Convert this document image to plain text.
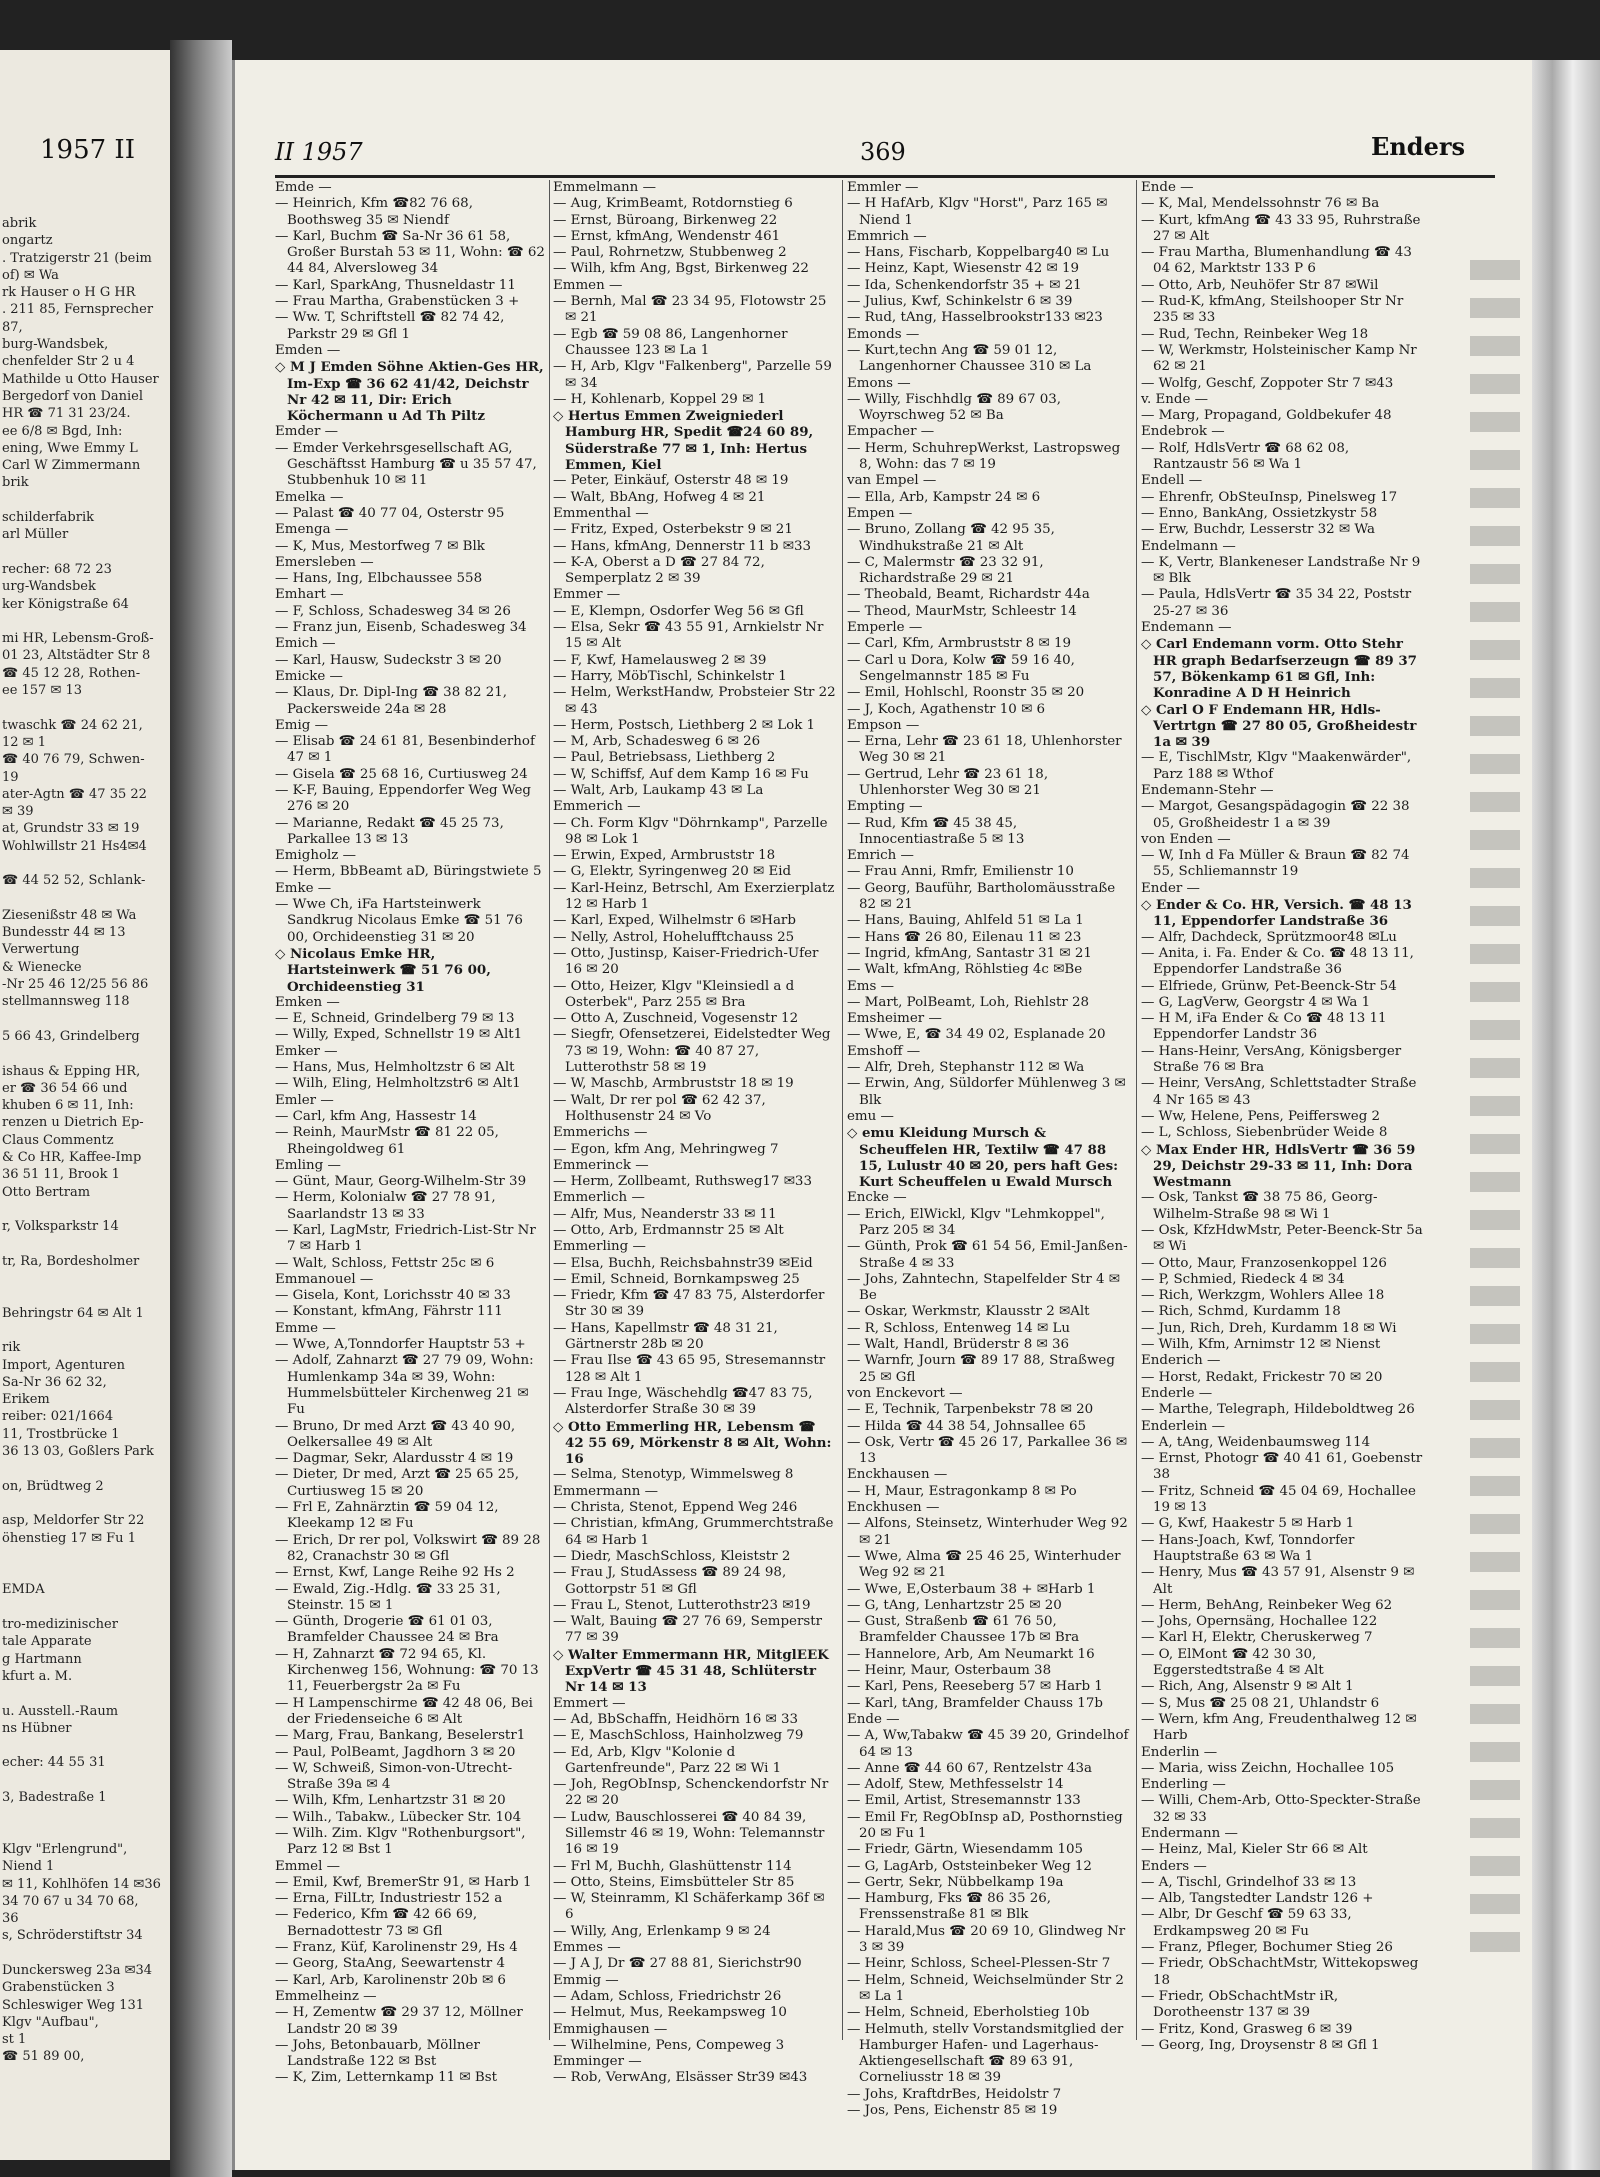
1957 II
abrik
ongartz
. Tratzigerstr 21 (beim
of) ✉ Wa
rk Hauser o H G HR
. 211 85, Fernsprecher
87,
burg-Wandsbek,
chenfelder Str 2 u 4
Mathilde u Otto Hauser
Bergedorf von Daniel
HR ☎ 71 31 23/24.
ee 6/8 ✉ Bgd, Inh:
ening, Wwe Emmy L
Carl W Zimmermann
brik

schilderfabrik
arl Müller

recher: 68 72 23
urg-Wandsbek
ker Königstraße 64

mi HR, Lebensm-Groß-
01 23, Altstädter Str 8
☎ 45 12 28, Rothen-
ee 157 ✉ 13

twaschk ☎ 24 62 21,
12 ✉ 1
☎ 40 76 79, Schwen-
19
ater-Agtn ☎ 47 35 22
✉ 39
at, Grundstr 33 ✉ 19
Wohlwillstr 21 Hs4✉4

☎ 44 52 52, Schlank-

Ziesenißstr 48 ✉ Wa
Bundesstr 44 ✉ 13
Verwertung
& Wienecke
-Nr 25 46 12/25 56 86
stellmannsweg 118

5 66 43, Grindelberg

ishaus & Epping HR,
er ☎ 36 54 66 und
khuben 6 ✉ 11, Inh:
renzen u Dietrich Ep-
Claus Commentz
& Co HR, Kaffee-Imp
36 51 11, Brook 1
Otto Bertram

r, Volksparkstr 14

tr, Ra, Bordesholmer

Behringstr 64 ✉ Alt 1

rik
Import, Agenturen
Sa-Nr 36 62 32,
Erikem
reiber: 021/1664
11, Trostbrücke 1
36 13 03, Goßlers Park

on, Brüdtweg 2

asp, Meldorfer Str 22
öhenstieg 17 ✉ Fu 1

EMDA

tro-medizinischer
tale Apparate
g Hartmann
kfurt a. M.

u. Ausstell.-Raum
ns Hübner

echer: 44 55 31

3, Badestraße 1

Klgv "Erlengrund",
Niend 1
✉ 11, Kohlhöfen 14 ✉36
34 70 67 u 34 70 68,
36
s, Schröderstiftstr 34

Dunckersweg 23a ✉34
Grabenstücken 3
Schleswiger Weg 131
Klgv "Aufbau",
st 1
☎ 51 89 00,
II 1957	369	Enders

Emde —

— Heinrich, Kfm ☎82 76 68, Boothsweg 35 ✉ Niendf

— Karl, Buchm ☎ Sa-Nr 36 61 58, Großer Burstah 53 ✉ 11, Wohn: ☎ 62 44 84, Alversloweg 34

— Karl, SparkAng, Thusneldastr 11

— Frau Martha, Grabenstücken 3 +

— Ww. T, Schriftstell ☎ 82 74 42, Parkstr 29 ✉ Gfl 1

Emden —

◇ M J Emden Söhne Aktien-Ges HR, Im-Exp ☎ 36 62 41/42, Deichstr Nr 42 ✉ 11, Dir: Erich Köchermann u Ad Th Piltz

Emder —

— Emder Verkehrsgesellschaft AG, Geschäftsst Hamburg ☎ u 35 57 47, Stubbenhuk 10 ✉ 11

Emelka —

— Palast ☎ 40 77 04, Osterstr 95

Emenga —

— K, Mus, Mestorfweg 7 ✉ Blk

Emersleben —

— Hans, Ing, Elbchaussee 558

Emhart —

— F, Schloss, Schadesweg 34 ✉ 26

— Franz jun, Eisenb, Schadesweg 34

Emich —

— Karl, Hausw, Sudeckstr 3 ✉ 20

Emicke —

— Klaus, Dr. Dipl-Ing ☎ 38 82 21, Packersweide 24a ✉ 28

Emig —

— Elisab ☎ 24 61 81, Besenbinderhof 47 ✉ 1

— Gisela ☎ 25 68 16, Curtiusweg 24

— K-F, Bauing, Eppendorfer Weg Weg 276 ✉ 20

— Marianne, Redakt ☎ 45 25 73, Parkallee 13 ✉ 13

Emigholz —

— Herm, BbBeamt aD, Büringstwiete 5

Emke —

— Wwe Ch, iFa Hartsteinwerk Sandkrug Nicolaus Emke ☎ 51 76 00, Orchideenstieg 31 ✉ 20

◇ Nicolaus Emke HR, Hartsteinwerk ☎ 51 76 00, Orchideenstieg 31

Emken —

— E, Schneid, Grindelberg 79 ✉ 13

— Willy, Exped, Schnellstr 19 ✉ Alt1

Emker —

— Hans, Mus, Helmholtzstr 6 ✉ Alt

— Wilh, Eling, Helmholtzstr6 ✉ Alt1

Emler —

— Carl, kfm Ang, Hassestr 14

— Reinh, MaurMstr ☎ 81 22 05, Rheingoldweg 61

Emling —

— Günt, Maur, Georg-Wilhelm-Str 39

— Herm, Kolonialw ☎ 27 78 91, Saarlandstr 13 ✉ 33

— Karl, LagMstr, Friedrich-List-Str Nr 7 ✉ Harb 1

— Walt, Schloss, Fettstr 25c ✉ 6

Emmanouel —

— Gisela, Kont, Lorichsstr 40 ✉ 33

— Konstant, kfmAng, Fährstr 111

Emme —

— Wwe, A,Tonndorfer Hauptstr 53 +

— Adolf, Zahnarzt ☎ 27 79 09, Wohn: Humlenkamp 34a ✉ 39, Wohn: Hummelsbütteler Kirchenweg 21 ✉ Fu

— Bruno, Dr med Arzt ☎ 43 40 90, Oelkersallee 49 ✉ Alt

— Dagmar, Sekr, Alardusstr 4 ✉ 19

— Dieter, Dr med, Arzt ☎ 25 65 25, Curtiusweg 15 ✉ 20

— Frl E, Zahnärztin ☎ 59 04 12, Kleekamp 12 ✉ Fu

— Erich, Dr rer pol, Volkswirt ☎ 89 28 82, Cranachstr 30 ✉ Gfl

— Ernst, Kwf, Lange Reihe 92 Hs 2

— Ewald, Zig.-Hdlg. ☎ 33 25 31, Steinstr. 15 ✉ 1

— Günth, Drogerie ☎ 61 01 03, Bramfelder Chaussee 24 ✉ Bra

— H, Zahnarzt ☎ 72 94 65, Kl. Kirchenweg 156, Wohnung: ☎ 70 13 11, Feuerbergstr 2a ✉ Fu

— H Lampenschirme ☎ 42 48 06, Bei der Friedenseiche 6 ✉ Alt

— Marg, Frau, Bankang, Beselerstr1

— Paul, PolBeamt, Jagdhorn 3 ✉ 20

— W, Schweiß, Simon-von-Utrecht-Straße 39a ✉ 4

— Wilh, Kfm, Lenhartzstr 31 ✉ 20

— Wilh., Tabakw., Lübecker Str. 104

— Wilh. Zim. Klgv "Rothenburgsort", Parz 12 ✉ Bst 1

Emmel —

— Emil, Kwf, BremerStr 91, ✉ Harb 1

— Erna, FilLtr, Industriestr 152 a

— Federico, Kfm ☎ 42 66 69, Bernadottestr 73 ✉ Gfl

— Franz, Küf, Karolinenstr 29, Hs 4

— Georg, StaAng, Seewartenstr 4

— Karl, Arb, Karolinenstr 20b ✉ 6

Emmelheinz —

— H, Zementw ☎ 29 37 12, Möllner Landstr 20 ✉ 39

— Johs, Betonbauarb, Möllner Landstraße 122 ✉ Bst

— K, Zim, Letternkamp 11 ✉ Bst

Emmelmann —

— Aug, KrimBeamt, Rotdornstieg 6

— Ernst, Büroang, Birkenweg 22

— Ernst, kfmAng, Wendenstr 461

— Paul, Rohrnetzw, Stubbenweg 2

— Wilh, kfm Ang, Bgst, Birkenweg 22

Emmen —

— Bernh, Mal ☎ 23 34 95, Flotowstr 25 ✉ 21

— Egb ☎ 59 08 86, Langenhorner Chaussee 123 ✉ La 1

— H, Arb, Klgv "Falkenberg", Parzelle 59 ✉ 34

— H, Kohlenarb, Koppel 29 ✉ 1

◇ Hertus Emmen Zweigniederl Hamburg HR, Spedit ☎24 60 89, Süderstraße 77 ✉ 1, Inh: Hertus Emmen, Kiel

— Peter, Einkäuf, Osterstr 48 ✉ 19

— Walt, BbAng, Hofweg 4 ✉ 21

Emmenthal —

— Fritz, Exped, Osterbekstr 9 ✉ 21

— Hans, kfmAng, Dennerstr 11 b ✉33

— K-A, Oberst a D ☎ 27 84 72, Semperplatz 2 ✉ 39

Emmer —

— E, Klempn, Osdorfer Weg 56 ✉ Gfl

— Elsa, Sekr ☎ 43 55 91, Arnkielstr Nr 15 ✉ Alt

— F, Kwf, Hamelausweg 2 ✉ 39

— Harry, MöbTischl, Schinkelstr 1

— Helm, WerkstHandw, Probsteier Str 22 ✉ 43

— Herm, Postsch, Liethberg 2 ✉ Lok 1

— M, Arb, Schadesweg 6 ✉ 26

— Paul, Betriebsass, Liethberg 2

— W, Schiffsf, Auf dem Kamp 16 ✉ Fu

— Walt, Arb, Laukamp 43 ✉ La

Emmerich —

— Ch. Form Klgv "Döhrnkamp", Parzelle 98 ✉ Lok 1

— Erwin, Exped, Armbruststr 18

— G, Elektr, Syringenweg 20 ✉ Eid

— Karl-Heinz, Betrschl, Am Exerzierplatz 12 ✉ Harb 1

— Karl, Exped, Wilhelmstr 6 ✉Harb

— Nelly, Astrol, Hohelufftchauss 25

— Otto, Justinsp, Kaiser-Friedrich-Ufer 16 ✉ 20

— Otto, Heizer, Klgv "Kleinsiedl a d Osterbek", Parz 255 ✉ Bra

— Otto A, Zuschneid, Vogesenstr 12

— Siegfr, Ofensetzerei, Eidelstedter Weg 73 ✉ 19, Wohn: ☎ 40 87 27, Lutterothstr 58 ✉ 19

— W, Maschb, Armbruststr 18 ✉ 19

— Walt, Dr rer pol ☎ 62 42 37, Holthusenstr 24 ✉ Vo

Emmerichs —

— Egon, kfm Ang, Mehringweg 7

Emmerinck —

— Herm, Zollbeamt, Ruthsweg17 ✉33

Emmerlich —

— Alfr, Mus, Neanderstr 33 ✉ 11

— Otto, Arb, Erdmannstr 25 ✉ Alt

Emmerling —

— Elsa, Buchh, Reichsbahnstr39 ✉Eid

— Emil, Schneid, Bornkampsweg 25

— Friedr, Kfm ☎ 47 83 75, Alsterdorfer Str 30 ✉ 39

— Hans, Kapellmstr ☎ 48 31 21, Gärtnerstr 28b ✉ 20

— Frau Ilse ☎ 43 65 95, Stresemannstr 128 ✉ Alt 1

— Frau Inge, Wäschehdlg ☎47 83 75, Alsterdorfer Straße 30 ✉ 39

◇ Otto Emmerling HR, Lebensm ☎ 42 55 69, Mörkenstr 8 ✉ Alt, Wohn: 16

— Selma, Stenotyp, Wimmelsweg 8

Emmermann —

— Christa, Stenot, Eppend Weg 246

— Christian, kfmAng, Grummerchtstraße 64 ✉ Harb 1

— Diedr, MaschSchloss, Kleiststr 2

— Frau J, StudAssess ☎ 89 24 98, Gottorpstr 51 ✉ Gfl

— Frau L, Stenot, Lutterothstr23 ✉19

— Walt, Bauing ☎ 27 76 69, Semperstr 77 ✉ 39

◇ Walter Emmermann HR, MitglEEK ExpVertr ☎ 45 31 48, Schlüterstr Nr 14 ✉ 13

Emmert —

— Ad, BbSchaffn, Heidhörn 16 ✉ 33

— E, MaschSchloss, Hainholzweg 79

— Ed, Arb, Klgv "Kolonie d Gartenfreunde", Parz 22 ✉ Wi 1

— Joh, RegObInsp, Schenckendorfstr Nr 22 ✉ 20

— Ludw, Bauschlosserei ☎ 40 84 39, Sillemstr 46 ✉ 19, Wohn: Telemannstr 16 ✉ 19

— Frl M, Buchh, Glashüttenstr 114

— Otto, Steins, Eimsbütteler Str 85

— W, Steinramm, Kl Schäferkamp 36f ✉ 6

— Willy, Ang, Erlenkamp 9 ✉ 24

Emmes —

— J A J, Dr ☎ 27 88 81, Sierichstr90

Emmig —

— Adam, Schloss, Friedrichstr 26

— Helmut, Mus, Reekampsweg 10

Emmighausen —

— Wilhelmine, Pens, Compeweg 3

Emminger —

— Rob, VerwAng, Elsässer Str39 ✉43

Emmler —

— H HafArb, Klgv "Horst", Parz 165 ✉ Niend 1

Emmrich —

— Hans, Fischarb, Koppelbarg40 ✉ Lu

— Heinz, Kapt, Wiesenstr 42 ✉ 19

— Ida, Schenkendorfstr 35 + ✉ 21

— Julius, Kwf, Schinkelstr 6 ✉ 39

— Rud, tAng, Hasselbrookstr133 ✉23

Emonds —

— Kurt,techn Ang ☎ 59 01 12, Langenhorner Chaussee 310 ✉ La

Emons —

— Willy, Fischhdlg ☎ 89 67 03, Woyrschweg 52 ✉ Ba

Empacher —

— Herm, SchuhrepWerkst, Lastropsweg 8, Wohn: das 7 ✉ 19

van Empel —

— Ella, Arb, Kampstr 24 ✉ 6

Empen —

— Bruno, Zollang ☎ 42 95 35, Windhukstraße 21 ✉ Alt

— C, Malermstr ☎ 23 32 91, Richardstraße 29 ✉ 21

— Theobald, Beamt, Richardstr 44a

— Theod, MaurMstr, Schleestr 14

Emperle —

— Carl, Kfm, Armbruststr 8 ✉ 19

— Carl u Dora, Kolw ☎ 59 16 40, Sengelmannstr 185 ✉ Fu

— Emil, Hohlschl, Roonstr 35 ✉ 20

— J, Koch, Agathenstr 10 ✉ 6

Empson —

— Erna, Lehr ☎ 23 61 18, Uhlenhorster Weg 30 ✉ 21

— Gertrud, Lehr ☎ 23 61 18, Uhlenhorster Weg 30 ✉ 21

Empting —

— Rud, Kfm ☎ 45 38 45, Innocentiastraße 5 ✉ 13

Emrich —

— Frau Anni, Rmfr, Emilienstr 10

— Georg, Bauführ, Bartholomäusstraße 82 ✉ 21

— Hans, Bauing, Ahlfeld 51 ✉ La 1

— Hans ☎ 26 80, Eilenau 11 ✉ 23

— Ingrid, kfmAng, Santastr 31 ✉ 21

— Walt, kfmAng, Röhlstieg 4c ✉Be

Ems —

— Mart, PolBeamt, Loh, Riehlstr 28

Emsheimer —

— Wwe, E, ☎ 34 49 02, Esplanade 20

Emshoff —

— Alfr, Dreh, Stephanstr 112 ✉ Wa

— Erwin, Ang, Süldorfer Mühlenweg 3 ✉ Blk

emu —

◇ emu Kleidung Mursch & Scheuffelen HR, Textilw ☎ 47 88 15, Lulustr 40 ✉ 20, pers haft Ges: Kurt Scheuffelen u Ewald Mursch

Encke —

— Erich, ElWickl, Klgv "Lehmkoppel", Parz 205 ✉ 34

— Günth, Prok ☎ 61 54 56, Emil-Janßen-Straße 4 ✉ 33

— Johs, Zahntechn, Stapelfelder Str 4 ✉ Be

— Oskar, Werkmstr, Klausstr 2 ✉Alt

— R, Schloss, Entenweg 14 ✉ Lu

— Walt, Handl, Brüderstr 8 ✉ 36

— Warnfr, Journ ☎ 89 17 88, Straßweg 25 ✉ Gfl

von Enckevort —

— E, Technik, Tarpenbekstr 78 ✉ 20

— Hilda ☎ 44 38 54, Johnsallee 65

— Osk, Vertr ☎ 45 26 17, Parkallee 36 ✉ 13

Enckhausen —

— H, Maur, Estragonkamp 8 ✉ Po

Enckhusen —

— Alfons, Steinsetz, Winterhuder Weg 92 ✉ 21

— Wwe, Alma ☎ 25 46 25, Winterhuder Weg 92 ✉ 21

— Wwe, E,Osterbaum 38 + ✉Harb 1

— G, tAng, Lenhartzstr 25 ✉ 20

— Gust, Straßenb ☎ 61 76 50, Bramfelder Chaussee 17b ✉ Bra

— Hannelore, Arb, Am Neumarkt 16

— Heinr, Maur, Osterbaum 38

— Karl, Pens, Reeseberg 57 ✉ Harb 1

— Karl, tAng, Bramfelder Chauss 17b

Ende —

— A, Ww,Tabakw ☎ 45 39 20, Grindelhof 64 ✉ 13

— Anne ☎ 44 60 67, Rentzelstr 43a

— Adolf, Stew, Methfesselstr 14

— Emil, Artist, Stresemannstr 133

— Emil Fr, RegObInsp aD, Posthornstieg 20 ✉ Fu 1

— Friedr, Gärtn, Wiesendamm 105

— G, LagArb, Oststeinbeker Weg 12

— Gertr, Sekr, Nübbelkamp 19a

— Hamburg, Fks ☎ 86 35 26, Frenssenstraße 81 ✉ Blk

— Harald,Mus ☎ 20 69 10, Glindweg Nr 3 ✉ 39

— Heinr, Schloss, Scheel-Plessen-Str 7

— Helm, Schneid, Weichselmünder Str 2 ✉ La 1

— Helm, Schneid, Eberholstieg 10b

— Helmuth, stellv Vorstandsmitglied der Hamburger Hafen- und Lagerhaus-Aktiengesellschaft ☎ 89 63 91, Corneliusstr 18 ✉ 39

— Johs, KraftdrBes, Heidolstr 7

— Jos, Pens, Eichenstr 85 ✉ 19

Ende —

— K, Mal, Mendelssohnstr 76 ✉ Ba

— Kurt, kfmAng ☎ 43 33 95, Ruhrstraße 27 ✉ Alt

— Frau Martha, Blumenhandlung ☎ 43 04 62, Marktstr 133 P 6

— Otto, Arb, Neuhöfer Str 87 ✉Wil

— Rud-K, kfmAng, Steilshooper Str Nr 235 ✉ 33

— Rud, Techn, Reinbeker Weg 18

— W, Werkmstr, Holsteinischer Kamp Nr 62 ✉ 21

— Wolfg, Geschf, Zoppoter Str 7 ✉43

v. Ende —

— Marg, Propagand, Goldbekufer 48

Endebrok —

— Rolf, HdlsVertr ☎ 68 62 08, Rantzaustr 56 ✉ Wa 1

Endell —

— Ehrenfr, ObSteuInsp, Pinelsweg 17

— Enno, BankAng, Ossietzkystr 58

— Erw, Buchdr, Lesserstr 32 ✉ Wa

Endelmann —

— K, Vertr, Blankeneser Landstraße Nr 9 ✉ Blk

— Paula, HdlsVertr ☎ 35 34 22, Poststr 25-27 ✉ 36

Endemann —

◇ Carl Endemann vorm. Otto Stehr HR graph Bedarfserzeugn ☎ 89 37 57, Bökenkamp 61 ✉ Gfl, Inh: Konradine A D H Heinrich

◇ Carl O F Endemann HR, Hdls-Vertrtgn ☎ 27 80 05, Großheidestr 1a ✉ 39

— E, TischlMstr, Klgv "Maakenwärder", Parz 188 ✉ Wthof

Endemann-Stehr —

— Margot, Gesangspädagogin ☎ 22 38 05, Großheidestr 1 a ✉ 39

von Enden —

— W, Inh d Fa Müller & Braun ☎ 82 74 55, Schliemannstr 19

Ender —

◇ Ender & Co. HR, Versich. ☎ 48 13 11, Eppendorfer Landstraße 36

— Alfr, Dachdeck, Sprützmoor48 ✉Lu

— Anita, i. Fa. Ender & Co. ☎ 48 13 11, Eppendorfer Landstraße 36

— Elfriede, Grünw, Pet-Beenck-Str 54

— G, LagVerw, Georgstr 4 ✉ Wa 1

— H M, iFa Ender & Co ☎ 48 13 11 Eppendorfer Landstr 36

— Hans-Heinr, VersAng, Königsberger Straße 76 ✉ Bra

— Heinr, VersAng, Schlettstadter Straße 4 Nr 165 ✉ 43

— Ww, Helene, Pens, Peiffersweg 2

— L, Schloss, Siebenbrüder Weide 8

◇ Max Ender HR, HdlsVertr ☎ 36 59 29, Deichstr 29-33 ✉ 11, Inh: Dora Westmann

— Osk, Tankst ☎ 38 75 86, Georg-Wilhelm-Straße 98 ✉ Wi 1

— Osk, KfzHdwMstr, Peter-Beenck-Str 5a ✉ Wi

— Otto, Maur, Franzosenkoppel 126

— P, Schmied, Riedeck 4 ✉ 34

— Rich, Werkzgm, Wohlers Allee 18

— Rich, Schmd, Kurdamm 18

— Jun, Rich, Dreh, Kurdamm 18 ✉ Wi

— Wilh, Kfm, Arnimstr 12 ✉ Nienst

Enderich —

— Horst, Redakt, Frickestr 70 ✉ 20

Enderle —

— Marthe, Telegraph, Hildeboldtweg 26

Enderlein —

— A, tAng, Weidenbaumsweg 114

— Ernst, Photogr ☎ 40 41 61, Goebenstr 38

— Fritz, Schneid ☎ 45 04 69, Hochallee 19 ✉ 13

— G, Kwf, Haakestr 5 ✉ Harb 1

— Hans-Joach, Kwf, Tonndorfer Hauptstraße 63 ✉ Wa 1

— Henry, Mus ☎ 43 57 91, Alsenstr 9 ✉ Alt

— Herm, BehAng, Reinbeker Weg 62

— Johs, Opernsäng, Hochallee 122

— Karl H, Elektr, Cheruskerweg 7

— O, ElMont ☎ 42 30 30, Eggerstedtstraße 4 ✉ Alt

— Rich, Ang, Alsenstr 9 ✉ Alt 1

— S, Mus ☎ 25 08 21, Uhlandstr 6

— Wern, kfm Ang, Freudenthalweg 12 ✉ Harb

Enderlin —

— Maria, wiss Zeichn, Hochallee 105

Enderling —

— Willi, Chem-Arb, Otto-Speckter-Straße 32 ✉ 33

Endermann —

— Heinz, Mal, Kieler Str 66 ✉ Alt

Enders —

— A, Tischl, Grindelhof 33 ✉ 13

— Alb, Tangstedter Landstr 126 +

— Albr, Dr Geschf ☎ 59 63 33, Erdkampsweg 20 ✉ Fu

— Franz, Pfleger, Bochumer Stieg 26

— Friedr, ObSchachtMstr, Wittekopsweg 18

— Friedr, ObSchachtMstr iR, Dorotheenstr 137 ✉ 39

— Fritz, Kond, Grasweg 6 ✉ 39

— Georg, Ing, Droysenstr 8 ✉ Gfl 1
